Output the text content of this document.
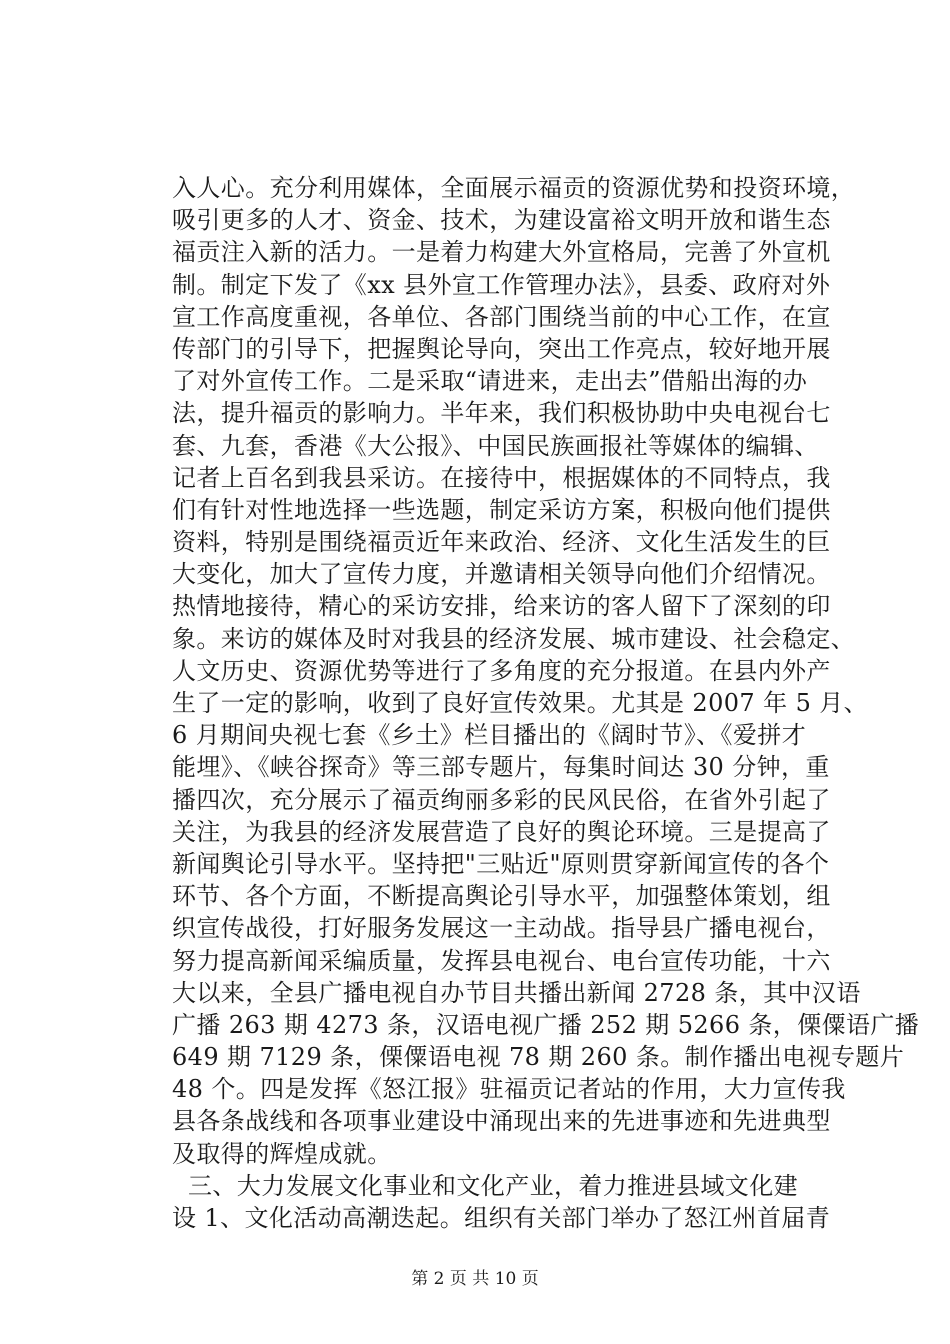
入人心。充分利用媒体，全面展示福贡的资源优势和投资环境，
吸引更多的人才、资金、技术，为建设富裕文明开放和谐生态
福贡注入新的活力。一是着力构建大外宣格局，完善了外宣机
制。制定下发了《xx 县外宣工作管理办法》，县委、政府对外
宣工作高度重视，各单位、各部门围绕当前的中心工作，在宣
传部门的引导下，把握舆论导向，突出工作亮点，较好地开展
了对外宣传工作。二是采取“请进来，走出去”借船出海的办
法，提升福贡的影响力。半年来，我们积极协助中央电视台七
套、九套，香港《大公报》、中国民族画报社等媒体的编辑、
记者上百名到我县采访。在接待中，根据媒体的不同特点，我
们有针对性地选择一些选题，制定采访方案，积极向他们提供
资料，特别是围绕福贡近年来政治、经济、文化生活发生的巨
大变化，加大了宣传力度，并邀请相关领导向他们介绍情况。
热情地接待，精心的采访安排，给来访的客人留下了深刻的印
象。来访的媒体及时对我县的经济发展、城市建设、社会稳定、
人文历史、资源优势等进行了多角度的充分报道。在县内外产
生了一定的影响，收到了良好宣传效果。尤其是 2007 年 5 月、
6 月期间央视七套《乡土》栏目播出的《阔时节》、《爱拼才
能埋》、《峡谷探奇》等三部专题片，每集时间达 30 分钟，重
播四次，充分展示了福贡绚丽多彩的民风民俗，在省外引起了
关注，为我县的经济发展营造了良好的舆论环境。三是提高了
新闻舆论引导水平。坚持把"三贴近"原则贯穿新闻宣传的各个
环节、各个方面，不断提高舆论引导水平，加强整体策划，组
织宣传战役，打好服务发展这一主动战。指导县广播电视台，
努力提高新闻采编质量，发挥县电视台、电台宣传功能，十六
大以来，全县广播电视自办节目共播出新闻 2728 条，其中汉语
广播 263 期 4273 条，汉语电视广播 252 期 5266 条，傈僳语广播
649 期 7129 条，傈僳语电视 78 期 260 条。制作播出电视专题片
48 个。四是发挥《怒江报》驻福贡记者站的作用，大力宣传我
县各条战线和各项事业建设中涌现出来的先进事迹和先进典型
及取得的辉煌成就。
三、大力发展文化事业和文化产业，着力推进县域文化建
设 1、文化活动高潮迭起。组织有关部门举办了怒江州首届青
第 2 页 共 10 页
